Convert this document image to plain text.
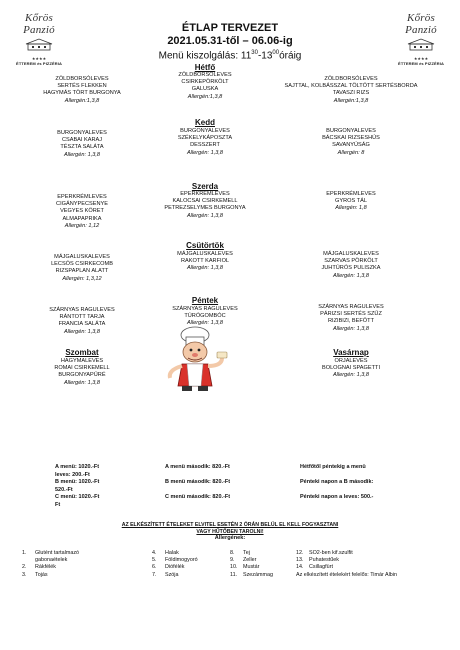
Kőrös Panzió
★★★★
ÉTTEREM és PIZZÉRIA
Kőrös Panzió
★★★★
ÉTTEREM és PIZZÉRIA
ÉTLAP TERVEZET
2021.05.31-től – 06.06-ig
Menü kiszolgálás: $11^{30}-13^{00}óráig$
Hétfő
Kedd
Szerda
Csütörtök
Péntek
Szombat	Vasárnap
ZÖLDBORSÓLEVES
SERTÉS FLEKKEN
HAGYMÁS TÖRT BURGONYA
Allergén:1,3,8
ZÖLDBORSÓLEVES
CSIRKEPÖRKÖLT
GALUSKA
Allergén:1,3,8
ZÖLDBORSÓLEVES
SAJTTAL, KOLBÁSSZAL TÖLTÖTT SERTÉSBORDA
TAVASZI RIZS
Allergén:1,3,8
BURGONYALEVES
CSABAI KARAJ
TÉSZTA SALÁTA
Allergén: 1,3,8
BURGONYALEVES
SZÉKELYKÁPOSZTA
DESSZERT
Allergén: 1,3,8
BURGONYALEVES
BÁCSKAI RIZSESHÚS
SAVANYÚSÁG
Allergén: 8
EPERKRÉMLEVES
CIGÁNYPECSENYE
VEGYES KÖRET
ALMAPAPRIKA
Allergén: 1,12
EPERKRÉMLEVES
KALOCSAI CSIRKEMELL
PETREZSELYMES BURGONYA
Allergén: 1,3,8
EPERKRÉMLEVES
GYROS TÁL
Allergén: 1,8
MÁJGALUSKALEVES
LECSÓS CSIRKECOMB
RIZSPAPLAN ALATT
Allergén: 1,3,12
MÁJGALUSKALEVES
RAKOTT KARFIOL
Allergén: 1,3,8
MÁJGALUSKALEVES
SZARVAS PÖRKÖLT
JUHTÚRÓS PULISZKA
Allergén: 1,3,8
SZÁRNYAS RAGULEVES
RÁNTOTT TARJA
FRANCIA SALÁTA
Allergén: 1,3,8
SZÁRNYAS RAGULEVES
TÚRÓGOMBÓC
Allergén: 1,3,8
SZÁRNYAS RAGULEVES
PÁRIZSI SERTÉS SZŰZ
RIZIBIZI, BEFŐTT
Allergén: 1,3,8
HAGYMALEVES
ROMAI CSIRKEMELL
BURGONYAPÜRÉ
Allergén: 1,3,8
ORJALEVES
BOLOGNAI SPAGETTI
Allergén: 1,3,8
A menü: 1020.-Ft
leves: 200.-Ft
B menü: 1020.-Ft
520.-Ft
C menü: 1020.-Ft
Ft
A menü második: 820.-Ft
B menü második: 820.-Ft
C menü második: 820.-Ft
Hétfőtől péntekig a menü
Pénteki napon a B második:
Pénteki napon a leves: 500.-
AZ ELKÉSZÍTETT ÉTELEKET ELVITEL ESETÉN 2 ÓRÁN BELÜL EL KELL FOGYASZTANI
VAGY HŰTŐBEN TAROLNI!
Allergének:
1. Glutént tartalmazó
gabonaételek
2. Rákfélék
3. Tojás
4. Halak
5. Földimogyoró
6. Diófélék
7. Szója
8. Tej
9. Zeller
10. Mustár
11. Szezámmag
12. SO2-ben kif.szulfit
13. Puhatestűek
14. Csillagfürt
Az elkészített ételekért felelős: Timár Albin
